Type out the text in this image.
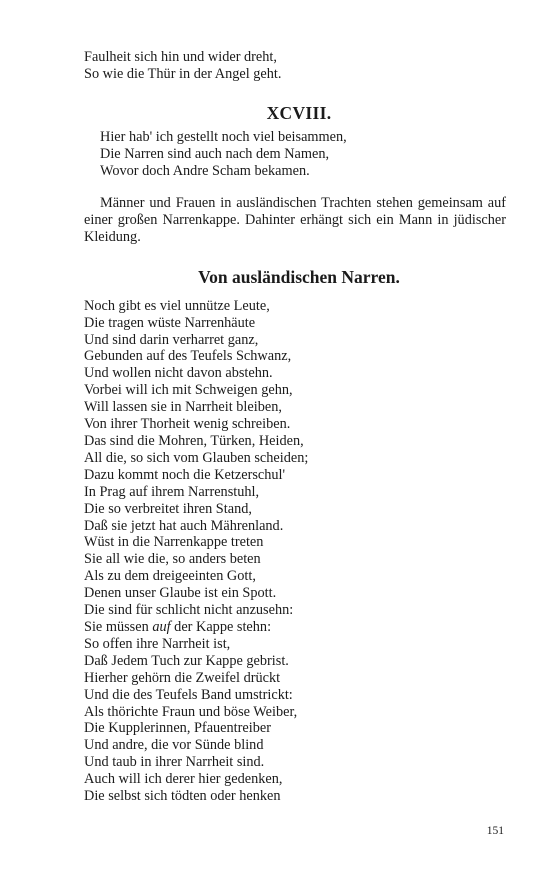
Faulheit sich hin und wider dreht,
So wie die Thür in der Angel geht.
XCVIII.
Hier hab' ich gestellt noch viel beisammen,
Die Narren sind auch nach dem Namen,
Wovor doch Andre Scham bekamen.

Männer und Frauen in ausländischen Trachten stehen gemeinsam auf einer großen Narrenkappe. Dahinter erhängt sich ein Mann in jüdischer Kleidung.

Von ausländischen Narren.
Noch gibt es viel unnütze Leute,
Die tragen wüste Narrenhäute
Und sind darin verharret ganz,
Gebunden auf des Teufels Schwanz,
Und wollen nicht davon abstehn.
Vorbei will ich mit Schweigen gehn,
Will lassen sie in Narrheit bleiben,
Von ihrer Thorheit wenig schreiben.
Das sind die Mohren, Türken, Heiden,
All die, so sich vom Glauben scheiden;
Dazu kommt noch die Ketzerschul'
In Prag auf ihrem Narrenstuhl,
Die so verbreitet ihren Stand,
Daß sie jetzt hat auch Mährenland.
Wüst in die Narrenkappe treten
Sie all wie die, so anders beten
Als zu dem dreigeeinten Gott,
Denen unser Glaube ist ein Spott.
Die sind für schlicht nicht anzusehn:
Sie müssen auf der Kappe stehn:
So offen ihre Narrheit ist,
Daß Jedem Tuch zur Kappe gebrist.
Hierher gehörn die Zweifel drückt
Und die des Teufels Band umstrickt:
Als thörichte Fraun und böse Weiber,
Die Kupplerinnen, Pfauentreiber
Und andre, die vor Sünde blind
Und taub in ihrer Narrheit sind.
Auch will ich derer hier gedenken,
Die selbst sich tödten oder henken
151
